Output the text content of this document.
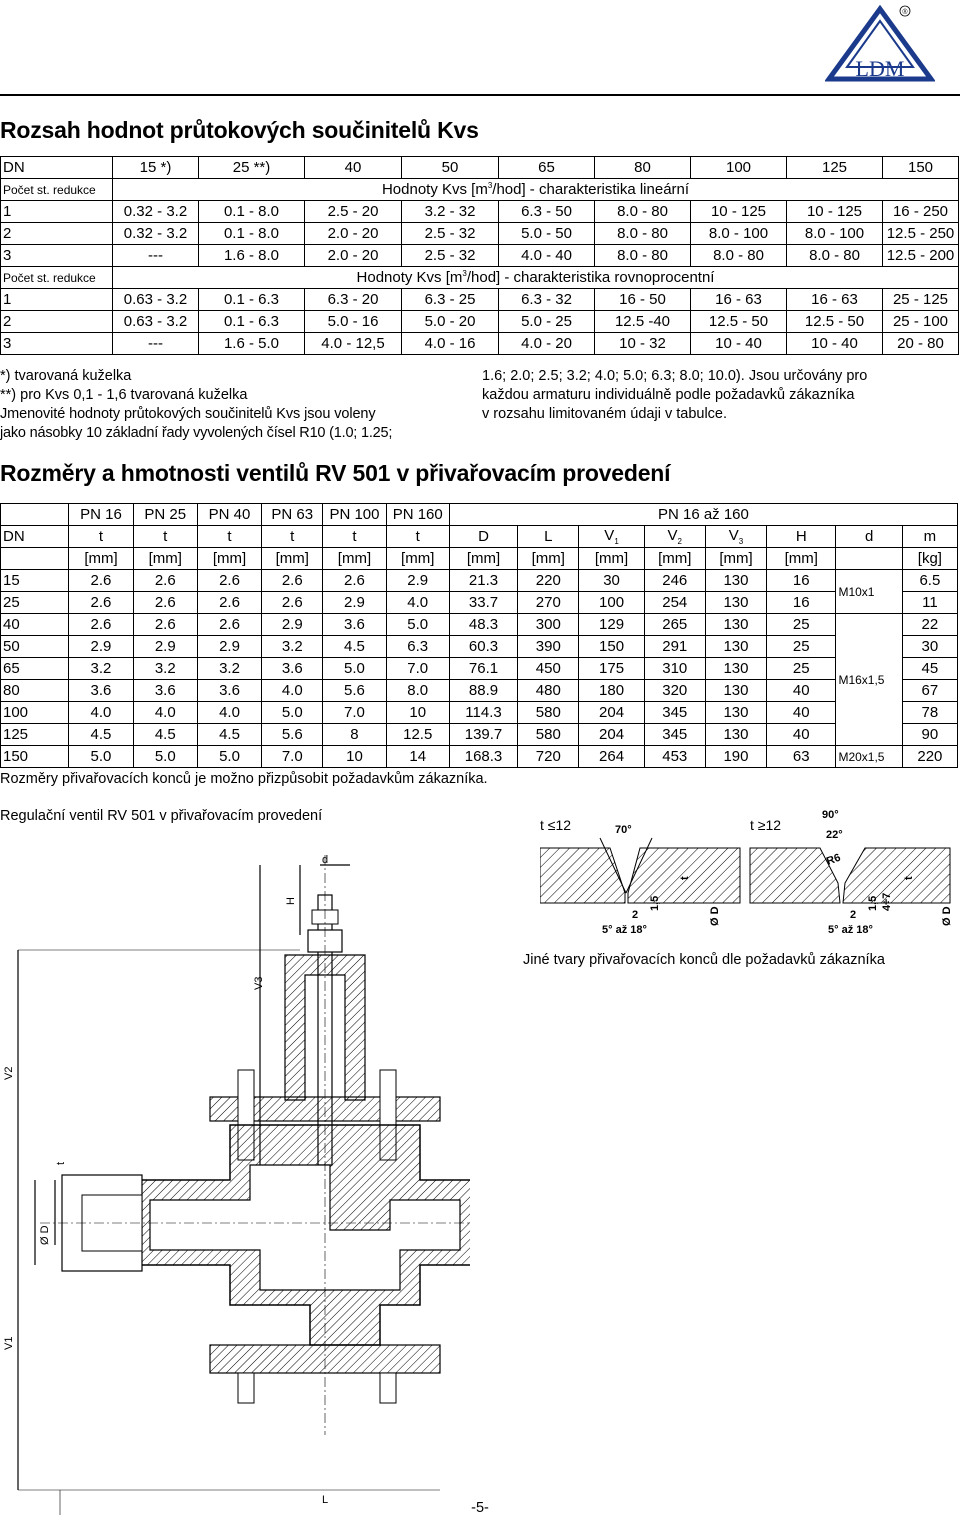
LDM
®
Rozsah hodnot průtokových součinitelů Kvs
DN	15 *)	25 **)	40	50	65	80	100	125	150
Počet st. redukce	Hodnoty Kvs $[m^3/hod]$ - charakteristika lineární								
1	0.32 - 3.2	0.1 - 8.0	2.5 - 20	3.2 - 32	6.3 - 50	8.0 - 80	10 - 125	10 - 125	16 - 250
2	0.32 - 3.2	0.1 - 8.0	2.0 - 20	2.5 - 32	5.0 - 50	8.0 - 80	8.0 - 100	8.0 - 100	12.5 - 250
3	---	1.6 - 8.0	2.0 - 20	2.5 - 32	4.0 - 40	8.0 - 80	8.0 - 80	8.0 - 80	12.5 - 200
Počet st. redukce	Hodnoty Kvs $[m^3/hod]$ - charakteristika rovnoprocentní								
1	0.63 - 3.2	0.1 - 6.3	6.3 - 20	6.3 - 25	6.3 - 32	16 - 50	16 - 63	16 - 63	25 - 125
2	0.63 - 3.2	0.1 - 6.3	5.0 - 16	5.0 - 20	5.0 - 25	12.5 -40	12.5 - 50	12.5 - 50	25 - 100
3	---	1.6 - 5.0	4.0 - 12,5	4.0 - 16	4.0 - 20	10 - 32	10 - 40	10 - 40	20 - 80
*) tvarovaná kuželka
**) pro Kvs 0,1 - 1,6 tvarovaná kuželka
Jmenovité hodnoty průtokových součinitelů Kvs jsou voleny
jako násobky 10 základní řady vyvolených čísel R10 (1.0; 1.25;
1.6; 2.0; 2.5; 3.2; 4.0; 5.0; 6.3; 8.0; 10.0). Jsou určovány pro
každou armaturu individuálně podle požadavků zákazníka
v rozsahu limitovaném údaji v tabulce.
Rozměry a hmotnosti ventilů RV 501 v přivařovacím provedení
	PN 16	PN 25	PN 40	PN 63	PN 100	PN 160	PN 16 až 160							
DN	t	t	t	t	t	t	D	L	$V_1$	$V_2$	$V_3$	H	d	m
	[mm]	[mm]	[mm]	[mm]	[mm]	[mm]	[mm]	[mm]	[mm]	[mm]	[mm]	[mm]		[kg]
15	2.6	2.6	2.6	2.6	2.6	2.9	21.3	220	30	246	130	16	M10x1	6.5
25	2.6	2.6	2.6	2.6	2.9	4.0	33.7	270	100	254	130	16		11
40	2.6	2.6	2.6	2.9	3.6	5.0	48.3	300	129	265	130	25	M16x1,5	22
50	2.9	2.9	2.9	3.2	4.5	6.3	60.3	390	150	291	130	25		30
65	3.2	3.2	3.2	3.6	5.0	7.0	76.1	450	175	310	130	25		45
80	3.6	3.6	3.6	4.0	5.6	8.0	88.9	480	180	320	130	40		67
100	4.0	4.0	4.0	5.0	7.0	10	114.3	580	204	345	130	40		78
125	4.5	4.5	4.5	5.6	8	12.5	139.7	580	204	345	130	40		90
150	5.0	5.0	5.0	7.0	10	14	168.3	720	264	453	190	63	M20x1,5	220
Rozměry přivařovacích konců je možno přizpůsobit požadavkům zákazníka.
Regulační ventil RV 501 v přivařovacím provedení
d
H
V3
V2
V1
t
Ø D
L
t ≤12	70°
2
1,5
5° až 18°
t
Ø D
t ≥12
90°
22°
R6
2
1,5 4÷7
5° až 18°
t
Ø D
Jiné tvary přivařovacích konců dle požadavků zákazníka
-5-
